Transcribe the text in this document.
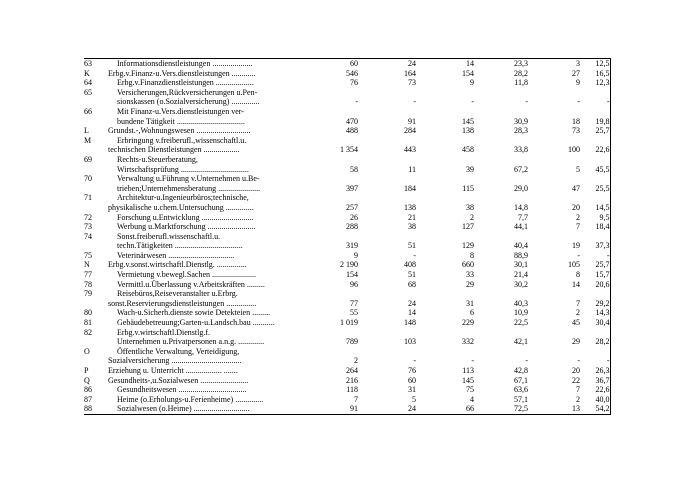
63	Informationsdienstleistungen ....................	60	24	14	23,3	3	12,5
K	Erbg.v.Finanz-u.Vers.dienstleistungen ............	546	164	154	28,2	27	16,5
64	Erbg.v.Finanzdienstleistungen ...................	76	73	9	11,8	9	12,3
65	Versicherungen,Rückversicherungen u.Pen-						
	sionskassen (o.Sozialversicherung) ..............	-	-	-	-	-	-
66	Mit Finanz-u.Vers.dienstleistungen ver-						
	bundene Tätigkeit ..................................	470	91	145	30,9	18	19,8
L	Grundst.-,Wohnungswesen ...........................	488	284	138	28,3	73	25,7
M	Erbringung v.freiberufl.,wissenschaftl.u.						
	technischen Dienstleistungen ..................	1 354	443	458	33,8	100	22,6
69	Rechts-u.Steuerberatung,						
	Wirtschaftsprüfung ..................................	58	11	39	67,2	5	45,5
70	Verwaltung u.Führung v.Unternehmen u.Be-						
	trieben;Unternehmensberatung .....................	397	184	115	29,0	47	25,5
71	Architektur-u.Ingenieurbüros;technische,						
	physikalische u.chem.Untersuchung ..............	257	138	38	14,8	20	14,5
72	Forschung u.Entwicklung ..........................	26	21	2	7,7	2	9,5
73	Werbung u.Marktforschung ........................	288	38	127	44,1	7	18,4
74	Sonst.freiberufl.wissenschaftl.u.						
	techn.Tätigkeiten ..................................	319	51	129	40,4	19	37,3
75	Veterinärwesen .................................	9	-	8	88,9	-	-
N	Erbg.v.sonst.wirtschaftl.Dienstlg. ...............	2 190	408	660	30,1	105	25,7
77	Vermietung v.bewegl.Sachen ......................	154	51	33	21,4	8	15,7
78	Vermittl.u.Überlassung v.Arbeitskräften .........	96	68	29	30,2	14	20,6
79	Reisebüros,Reiseveranstalter u.Erbrg.						
	sonst.Reservierungsdienstleistungen ...............	77	24	31	40,3	7	29,2
80	Wach-u.Sicherh.dienste sowie Detekteien .........	55	14	6	10,9	2	14,3
81	Gebäudebetreuung;Garten-u.Landsch.bau ...........	1 019	148	229	22,5	45	30,4
82	Erbg.v.wirtschaftl.Dienstlg.f.						
	Unternehmen u.Privatpersonen a.n.g. .............	789	103	332	42,1	29	28,2
O	Öffentliche Verwaltung, Verteidigung,						
	Sozialversicherung ...................................	2	-	-	-	-	-
P	Erziehung u. Unterricht .................. .......	264	76	113	42,8	20	26,3
Q	Gesundheits-,u.Sozialwesen ........................	216	60	145	67,1	22	36,7
86	Gesundheitswesen ..................................	118	31	75	63,6	7	22,6
87	Heime (o.Erholungs-u.Ferienheime) ..............	7	5	4	57,1	2	40,0
88	Sozialwesen (o.Heime) ............................	91	24	66	72,5	13	54,2
